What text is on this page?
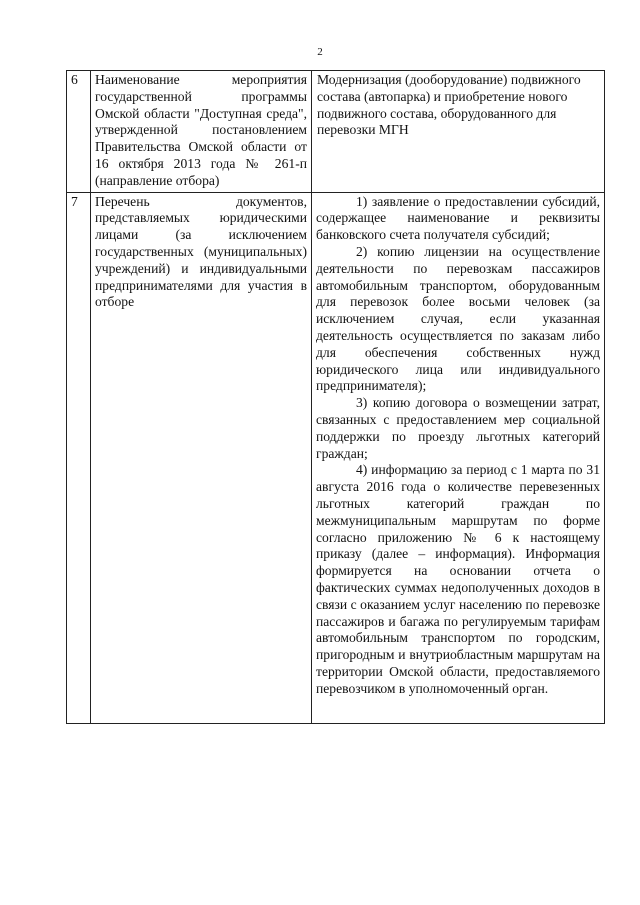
2
6	Наименование мероприятия государственной программы Омской области "Доступная среда", утвержденной постановлением Правительства Омской области от 16 октября 2013 года № 261-п (направление отбора)	Модернизация (дооборудование) подвижного состава (автопарка) и приобретение нового подвижного состава, оборудованного для перевозки МГН
7	Перечень документов, представляемых юридическими лицами (за исключением государственных (муниципальных) учреждений) и индивидуальными предпринимателями для участия в отборе	1) заявление о предоставлении субсидий, содержащее наименование и реквизиты банковского счета получателя субсидий;

2) копию лицензии на осуществление деятельности по перевозкам пассажиров автомобильным транспортом, оборудованным для перевозок более восьми человек (за исключением случая, если указанная деятельность осуществляется по заказам либо для обеспечения собственных нужд юридического лица или индивидуального предпринимателя);

3) копию договора о возмещении затрат, связанных с предоставлением мер социальной поддержки по проезду льготных категорий граждан;

4) информацию за период с 1 марта по 31 августа 2016 года о количестве перевезенных льготных категорий граждан по межмуниципальным маршрутам по форме согласно приложению № 6 к настоящему приказу (далее – информация). Информация формируется на основании отчета о фактических суммах недополученных доходов в связи с оказанием услуг населению по перевозке пассажиров и багажа по регулируемым тарифам автомобильным транспортом по городским, пригородным и внутриобластным маршрутам на территории Омской области, предоставляемого перевозчиком в уполномоченный орган.
